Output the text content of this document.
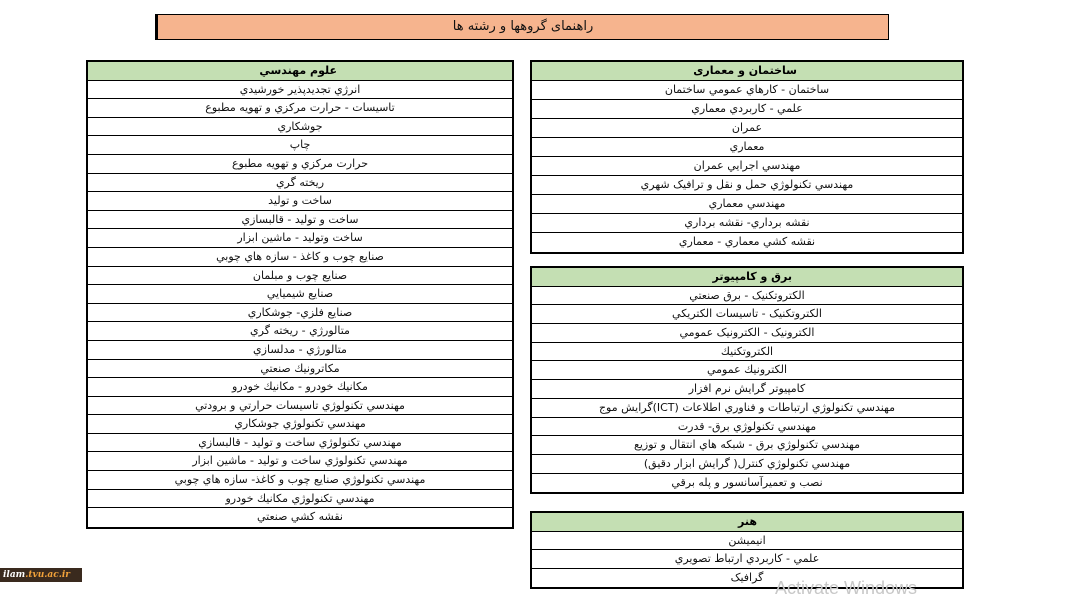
راهنمای گروهها و رشته ها
علوم مهندسي
انرژي تجديدپذير خورشيدي
تاسيسات - حرارت مركزي و تهويه مطبوع
جوشكاري
چاپ
حرارت مركزي و تهويه مطبوع
ريخته گري
ساخت و توليد
ساخت و توليد - قالبسازي
ساخت وتوليد - ماشين ابزار
صنايع چوب و كاغذ - سازه هاي چوبي
صنايع چوب و مبلمان
صنايع شيميايي
صنايع فلزي- جوشكاري
متالورژي - ريخته گري
متالورژي - مدلسازي
مكاترونيك صنعتي
مكانيك خودرو - مكانيك خودرو
مهندسي تكنولوژي تاسيسات حرارتي و برودتي
مهندسي تكنولوژي جوشكاري
مهندسي تكنولوژي ساخت و توليد - قالبسازي
مهندسي تكنولوژي ساخت و توليد - ماشين ابزار
مهندسي تكنولوژي صنايع چوب و كاغذ- سازه هاي چوبي
مهندسي تكنولوژي مكانيك خودرو
نقشه كشي صنعتي
ساختمان و معماری
ساختمان - كارهاي عمومي ساختمان
علمي - كاربردي معماري
عمران
معماري
مهندسي اجرايي عمران
مهندسي تكنولوژي حمل و نقل و ترافيک شهري
مهندسي معماري
نقشه برداري- نقشه برداري
نقشه كشي معماري - معماري
برق و کامپیوتر
الكتروتكنيک - برق صنعتي
الكتروتكنيک - تاسيسات الكتريكي
الكترونيک - الكترونيک عمومي
الكتروتكنيك
الكترونيك عمومي
كامپيوتر گرايش نرم افزار
مهندسي تكنولوژي ارتباطات و فناوري اطلاعات (ICT)گرايش موج
مهندسي تكنولوژي برق- قدرت
مهندسي تكنولوژي برق - شبكه هاي انتقال و توزيع
مهندسي تكنولوژي كنترل( گرايش ابزار دقيق)
نصب و تعميرآسانسور و پله برقي
هنر
انيميشن
علمي - كاربردي ارتباط تصويري
گرافيک
ilam.tvu.ac.ir
Activate Windows
